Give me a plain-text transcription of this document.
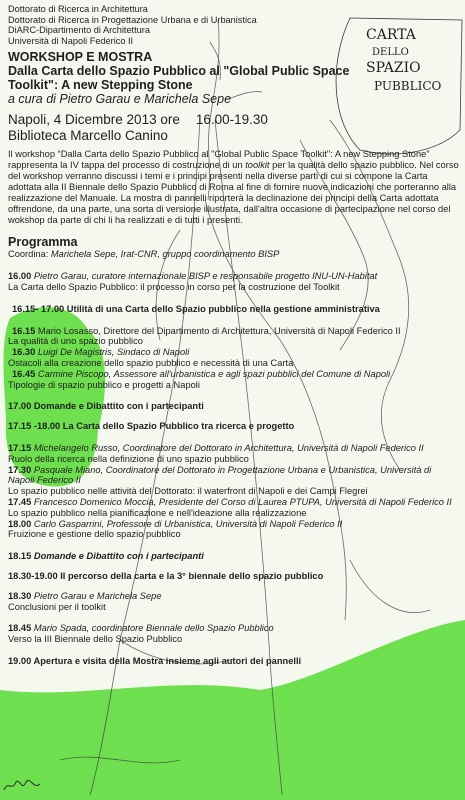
CARTA
DELLO
SPAZIO
PUBBLICO
Dottorato di Ricerca in Architettura
Dottorato di Ricerca in Progettazione Urbana e di Urbanistica
DiARC-Dipartimento di Architettura
Università di Napoli Federico II
WORKSHOP E MOSTRA
Dalla Carta dello Spazio Pubblico al "Global Public Space Toolkit": A new Stepping Stone
a cura di Pietro Garau e Marichela Sepe
Napoli, 4 Dicembre 2013 ore 16.00-19.30
Biblioteca Marcello Canino
Il workshop “Dalla Carta dello Spazio Pubblico al "Global Public Space Toolkit": A new Stepping Stone” rappresenta la IV tappa del processo di costruzione di un toolkit per la qualità dello spazio pubblico. Nel corso del workshop verranno discussi i temi e i principi presenti nella diverse parti di cui si compone la Carta adottata alla II Biennale dello Spazio Pubblico di Roma al fine di fornire nuove indicazioni che porteranno alla realizzazione del Manuale. La mostra di pannelli riporterà la declinazione dei principi della Carta adottata offrendone, da una parte, una sorta di versione illustrata, dall'altra occasione di partecipazione nel corso del wokshop da parte di chi li ha realizzati e di tutti i presenti.
Programma
Coordina: Marichela Sepe, Irat-CNR, gruppo coordinamento BISP
16.00 Pietro Garau, curatore internazionale BISP e responsabile progetto INU-UN-Habitat
La Carta dello Spazio Pubblico: il processo in corso per la costruzione del Toolkit
16.15- 17.00 Utilità di una Carta dello Spazio pubblico nella gestione amministrativa
16.15 Mario Losasso, Direttore del Dipartimento di Architettura, Università di Napoli Federico II
La qualità di uno spazio pubblico
16.30 Luigi De Magistris, Sindaco di Napoli
Ostacoli alla creazione dello spazio pubblico e necessità di una Carta
16.45 Carmine Piscopo, Assessore all'urbanistica e agli spazi pubblici del Comune di Napoli
Tipologie di spazio pubblico e progetti a Napoli
17.00 Domande e Dibattito con i partecipanti
17.15 -18.00 La Carta dello Spazio Pubblico tra ricerca e progetto
17.15 Michelangelo Russo, Coordinatore del Dottorato in Architettura, Università di Napoli Federico II
Ruolo della ricerca nella definizione di uno spazio pubblico
17.30 Pasquale Miano, Coordinatore del Dottorato in Progettazione Urbana e Urbanistica, Università di Napoli Federico II
Lo spazio pubblico nelle attività del Dottorato: il waterfront di Napoli e dei Campi Flegrei
17.45 Francesco Domenico Moccia, Presidente del Corso di Laurea PTUPA, Università di Napoli Federico II
Lo spazio pubblico nella pianificazione e nell'ideazione alla realizzazione
18.00 Carlo Gasparrini, Professore di Urbanistica, Università di Napoli Federico II
Fruizione e gestione dello spazio pubblico
18.15 Domande e Dibattito con i partecipanti
18.30-19.00 Il percorso della carta e la 3° biennale dello spazio pubblico
18.30 Pietro Garau e Marichela Sepe
Conclusioni per il toolkit
18.45 Mario Spada, coordinatore Biennale dello Spazio Pubblico
Verso la III Biennale dello Spazio Pubblico
19.00 Apertura e visita della Mostra insieme agli autori dei pannelli
